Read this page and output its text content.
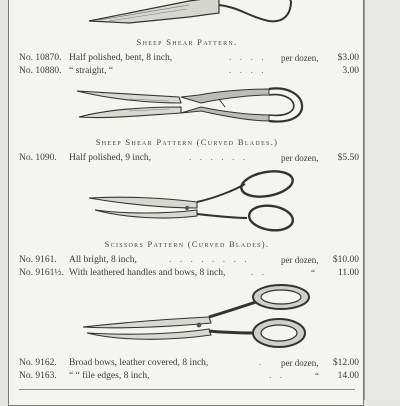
Sheep Shear Pattern.
No. 10870. Half polished, bent, 8 inch,	. . . . per dozen, $3.00
No. 10880. “ straight, “	. . . .	3.00
Sheep Shear Pattern (Curved Blades.)
No. 1090. Half polished, 9 inch,	. . . . . .	per dozen, $5.50
Scissors Pattern (Curved Blades).
No. 9161. All bright, 8 inch,	. . . . . . . .	per dozen, $10.00
No. 9161½. With leathered handles and bows, 8 inch,	. .	“ 11.00
No. 9162. Broad bows, leather covered, 8 inch,	. per dozen, $12.00
No. 9163. “ “ file edges, 8 inch,	. .	“ 14.00
